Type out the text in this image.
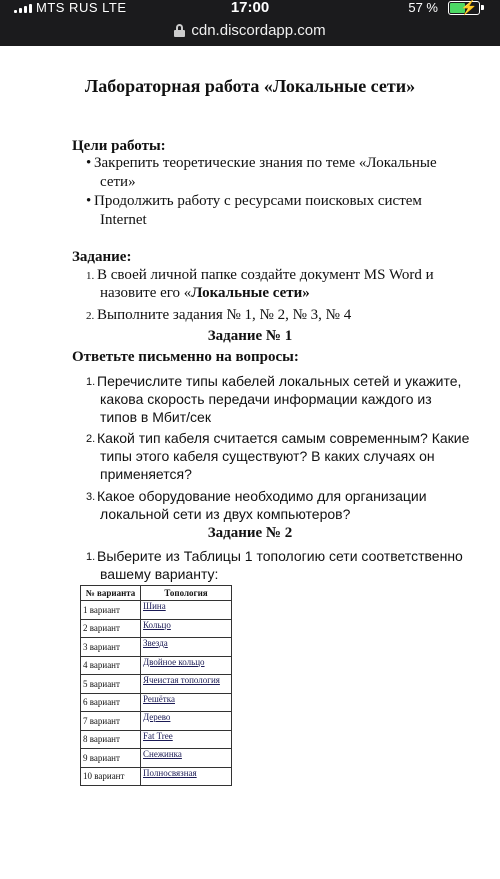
MTS RUS LTE	17:00	57 % ⚡
cdn.discordapp.com
Лабораторная работа «Локальные сети»
Цели работы:
• Закрепить теоретические знания по теме «Локальные
сети»
• Продолжить работу с ресурсами поисковых систем
Internet
Задание:
1. В своей личной папке создайте документ MS Word и
назовите его «Локальные сети»
2. Выполните задания № 1, № 2, № 3, № 4
Задание № 1
Ответьте письменно на вопросы:
1. Перечислите типы кабелей локальных сетей и укажите,
какова скорость передачи информации каждого из
типов в Мбит/сек
2. Какой тип кабеля считается самым современным? Какие
типы этого кабеля существуют? В каких случаях он
применяется?
3. Какое оборудование необходимо для организации
локальной сети из двух компьютеров?
Задание № 2
1. Выберите из Таблицы 1 топологию сети соответственно
вашему варианту:
№ варианта	Топология
1 вариант	Шина
2 вариант	Кольцо
3 вариант	Звезда
4 вариант	Двойное кольцо
5 вариант	Ячеистая топология
6 вариант	Решётка
7 вариант	Дерево
8 вариант	Fat Tree
9 вариант	Снежинка
10 вариант	Полносвязная
